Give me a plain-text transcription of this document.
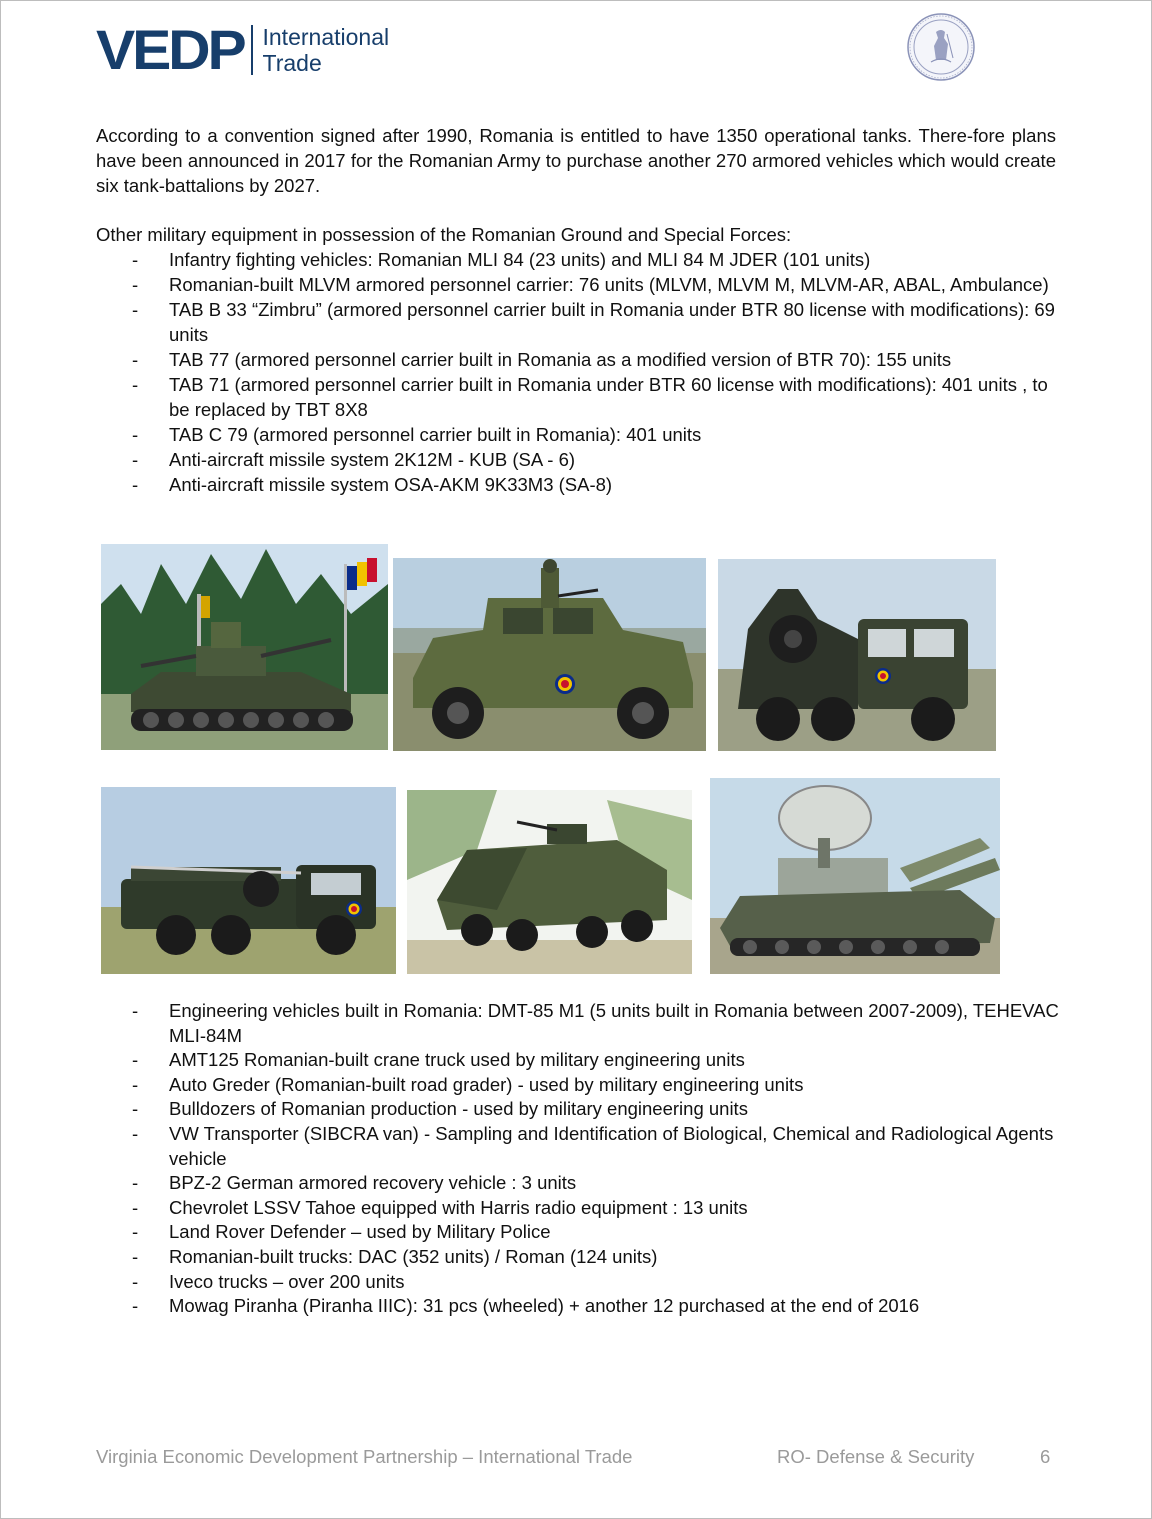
VEDP International
Trade

According to a convention signed after 1990, Romania is entitled to have 1350 operational tanks. There-fore plans have been announced in 2017 for the Romanian Army to purchase another 270 armored vehicles which would create six tank-battalions by 2027.

Other military equipment in possession of the Romanian Ground and Special Forces:

- Infantry fighting vehicles: Romanian MLI 84 (23 units) and MLI 84 M JDER (101 units)
- Romanian-built MLVM armored personnel carrier: 76 units (MLVM, MLVM M, MLVM-AR, ABAL, Ambulance)
- TAB B 33 “Zimbru” (armored personnel carrier built in Romania under BTR 80 license with modifications): 69 units
- TAB 77 (armored personnel carrier built in Romania as a modified version of BTR 70): 155 units
- TAB 71 (armored personnel carrier built in Romania under BTR 60 license with modifications): 401 units , to be replaced by TBT 8X8
- TAB C 79 (armored personnel carrier built in Romania): 401 units
- Anti-aircraft missile system 2K12M - KUB (SA - 6)
- Anti-aircraft missile system OSA-AKM 9K33M3 (SA-8)
- Engineering vehicles built in Romania: DMT-85 M1 (5 units built in Romania between 2007-2009), TEHEVAC MLI-84M
- AMT125 Romanian-built crane truck used by military engineering units
- Auto Greder (Romanian-built road grader) - used by military engineering units
- Bulldozers of Romanian production - used by military engineering units
- VW Transporter (SIBCRA van) - Sampling and Identification of Biological, Chemical and Radiological Agents vehicle
- BPZ-2 German armored recovery vehicle : 3 units
- Chevrolet LSSV Tahoe equipped with Harris radio equipment : 13 units
- Land Rover Defender – used by Military Police
- Romanian-built trucks: DAC (352 units) / Roman (124 units)
- Iveco trucks – over 200 units
- Mowag Piranha (Piranha IIIC): 31 pcs (wheeled) + another 12 purchased at the end of 2016
Virginia Economic Development Partnership – International Trade	RO- Defense & Security	6
